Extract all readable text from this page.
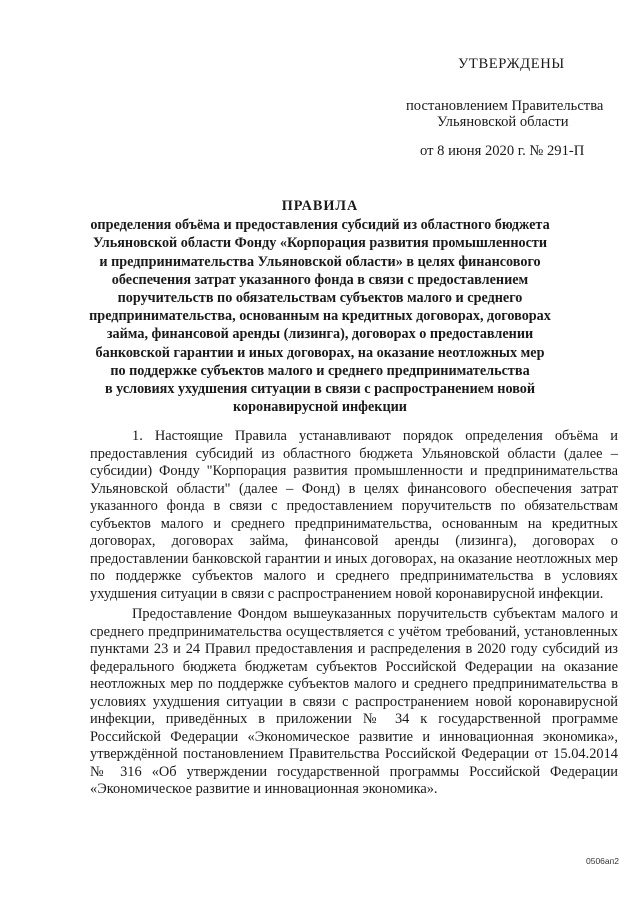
УТВЕРЖДЕНЫ
постановлением Правительства
Ульяновской области
от 8 июня 2020 г. № 291-П
ПРАВИЛА
определения объёма и предоставления субсидий из областного бюджета
Ульяновской области Фонду «Корпорация развития промышленности
и предпринимательства Ульяновской области» в целях финансового
обеспечения затрат указанного фонда в связи с предоставлением
поручительств по обязательствам субъектов малого и среднего
предпринимательства, основанным на кредитных договорах, договорах
займа, финансовой аренды (лизинга), договорах о предоставлении
банковской гарантии и иных договорах, на оказание неотложных мер
по поддержке субъектов малого и среднего предпринимательства
в условиях ухудшения ситуации в связи с распространением новой
коронавирусной инфекции

1. Настоящие Правила устанавливают порядок определения объёма и предоставления субсидий из областного бюджета Ульяновской области (далее – субсидии) Фонду "Корпорация развития промышленности и предпринимательства Ульяновской области" (далее – Фонд) в целях финансового обеспечения затрат указанного фонда в связи с предоставлением поручительств по обязательствам субъектов малого и среднего предпринимательства, основанным на кредитных договорах, договорах займа, финансовой аренды (лизинга), договорах о предоставлении банковской гарантии и иных договорах, на оказание неотложных мер по поддержке субъектов малого и среднего предпринимательства в условиях ухудшения ситуации в связи с распространением новой коронавирусной инфекции.

Предоставление Фондом вышеуказанных поручительств субъектам малого и среднего предпринимательства осуществляется с учётом требований, установленных пунктами 23 и 24 Правил предоставления и распределения в 2020 году субсидий из федерального бюджета бюджетам субъектов Российской Федерации на оказание неотложных мер по поддержке субъектов малого и среднего предпринимательства в условиях ухудшения ситуации в связи с распространением новой коронавирусной инфекции, приведённых в приложении № 34 к государственной программе Российской Федерации «Экономическое развитие и инновационная экономика», утверждённой постановлением Правительства Российской Федерации от 15.04.2014 № 316 «Об утверждении государственной программы Российской Федерации «Экономическое развитие и инновационная экономика».

0506ап2
